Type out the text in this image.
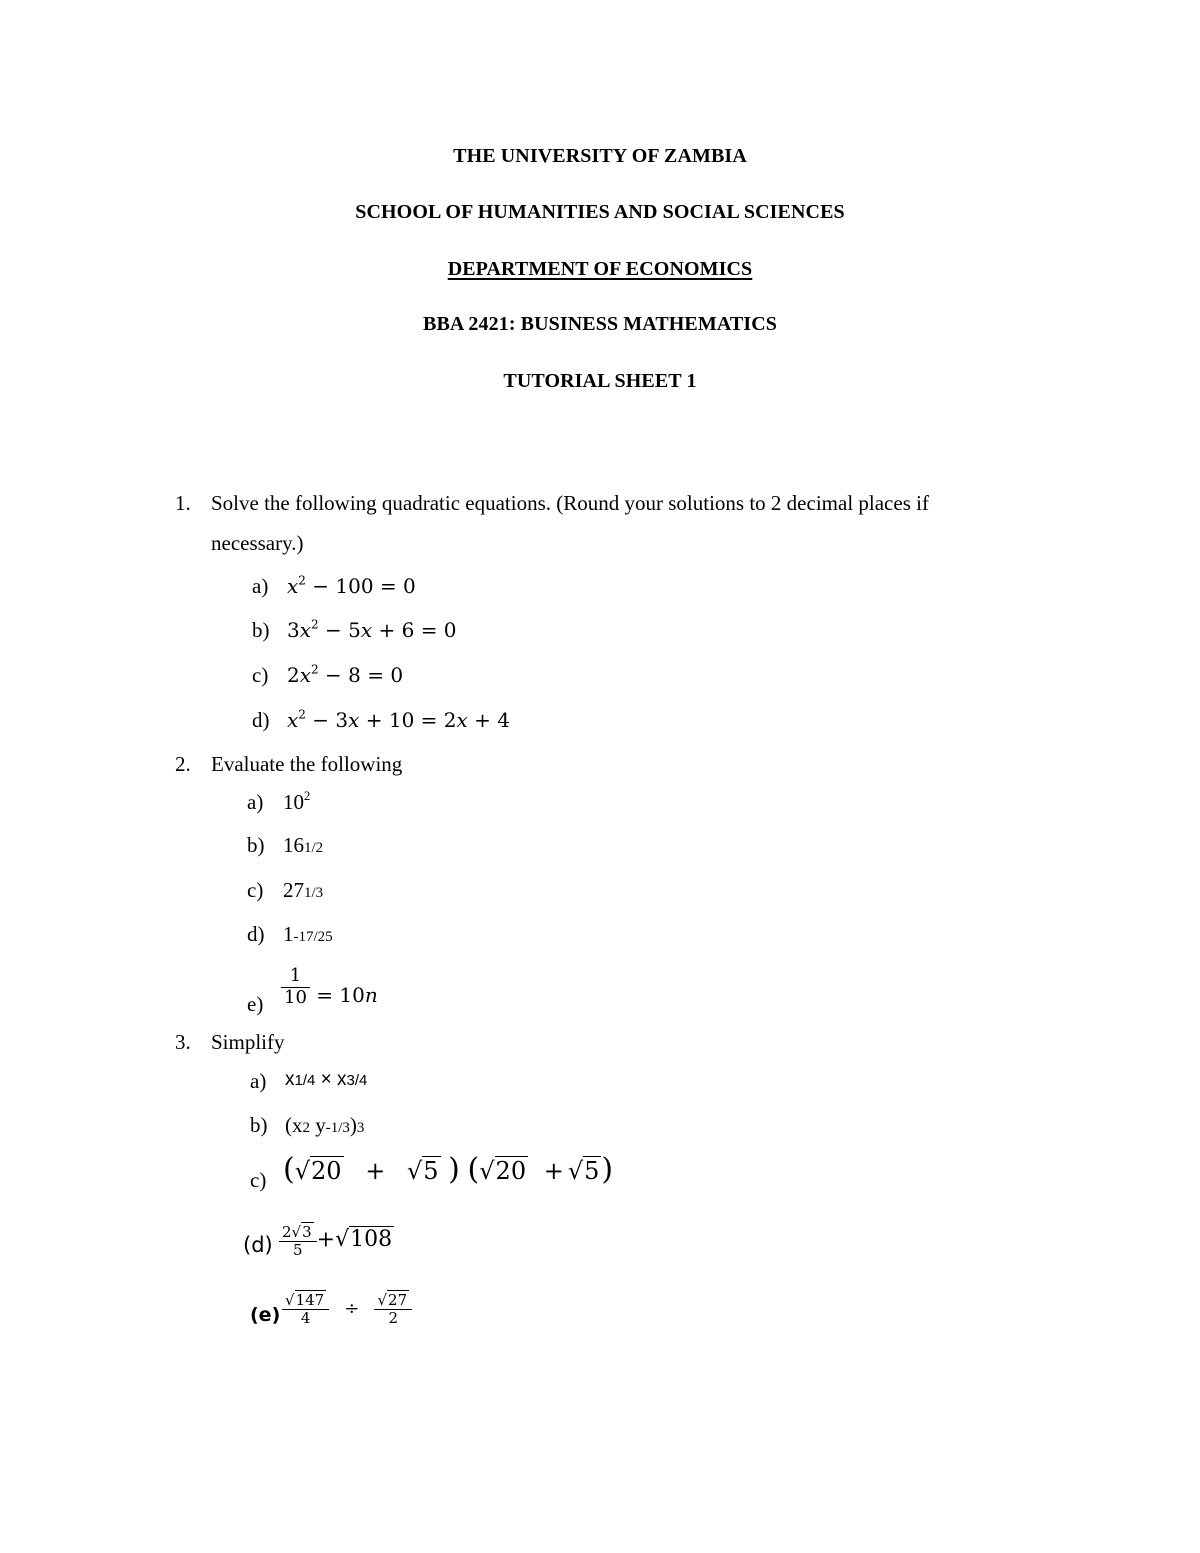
THE UNIVERSITY OF ZAMBIA
SCHOOL OF HUMANITIES AND SOCIAL SCIENCES
DEPARTMENT OF ECONOMICS
BBA 2421: BUSINESS MATHEMATICS
TUTORIAL SHEET 1
1. Solve the following quadratic equations. (Round your solutions to 2 decimal places if
necessary.)
a) $x^2 - 100 = 0$
b) $3x^2 - 5x + 6 = 0$
c) $2x^2 - 8 = 0$
d) $x^2 - 3x + 10 = 2x + 4$
2. Evaluate the following
a) $10^2$
b) 161/2
c) 271/3
d) 1-17/25
$e) \frac{1}{10} = 10n$
3. Simplify
a) x1/4 × x3/4
b) (x2 y-1/3)3
c) (√20 + √5 ) (√20 + √5)
$(d) \frac{2√3}{5} +√108$
$(e) \frac{√147}{4} \div \frac{√27}{2}$
